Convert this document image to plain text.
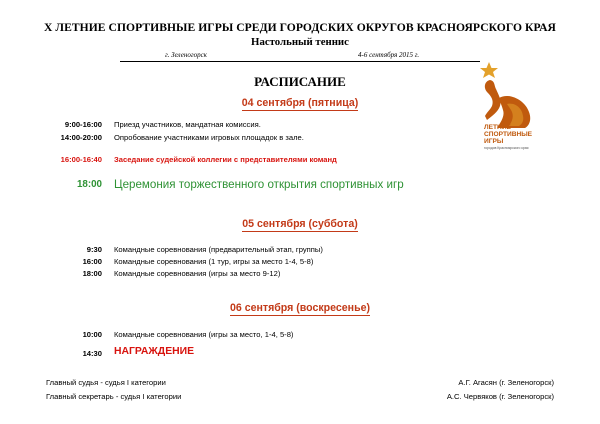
X ЛЕТНИЕ СПОРТИВНЫЕ ИГРЫ СРЕДИ ГОРОДСКИХ ОКРУГОВ КРАСНОЯРСКОГО КРАЯ
Настольный теннис
г. Зеленогорск	4-6 сентября 2015 г.
РАСПИСАНИЕ
ЛЕТНИЕ
СПОРТИВНЫЕ
ИГРЫ
городов Красноярского края
04 сентября (пятница)
9:00-16:00 Приезд участников, мандатная комиссия.
14:00-20:00 Опробование участниками игровых площадок в зале.
16:00-16:40 Заседание судейской коллегии с представителями команд
18:00 Церемония торжественного открытия спортивных игр
05 сентября (суббота)
9:30 Командные соревнования (предварительный этап, группы)
16:00 Командные соревнования (1 тур, игры за место 1-4, 5-8)
18:00 Командные соревнования (игры за место 9-12)
06 сентября (воскресенье)
10:00 Командные соревнования (игры за место, 1-4, 5-8)
14:30 НАГРАЖДЕНИЕ
Главный судья - судья I категории	А.Г. Агасян (г. Зеленогорск)
Главный секретарь - судья I категории	А.С. Червяков (г. Зеленогорск)
